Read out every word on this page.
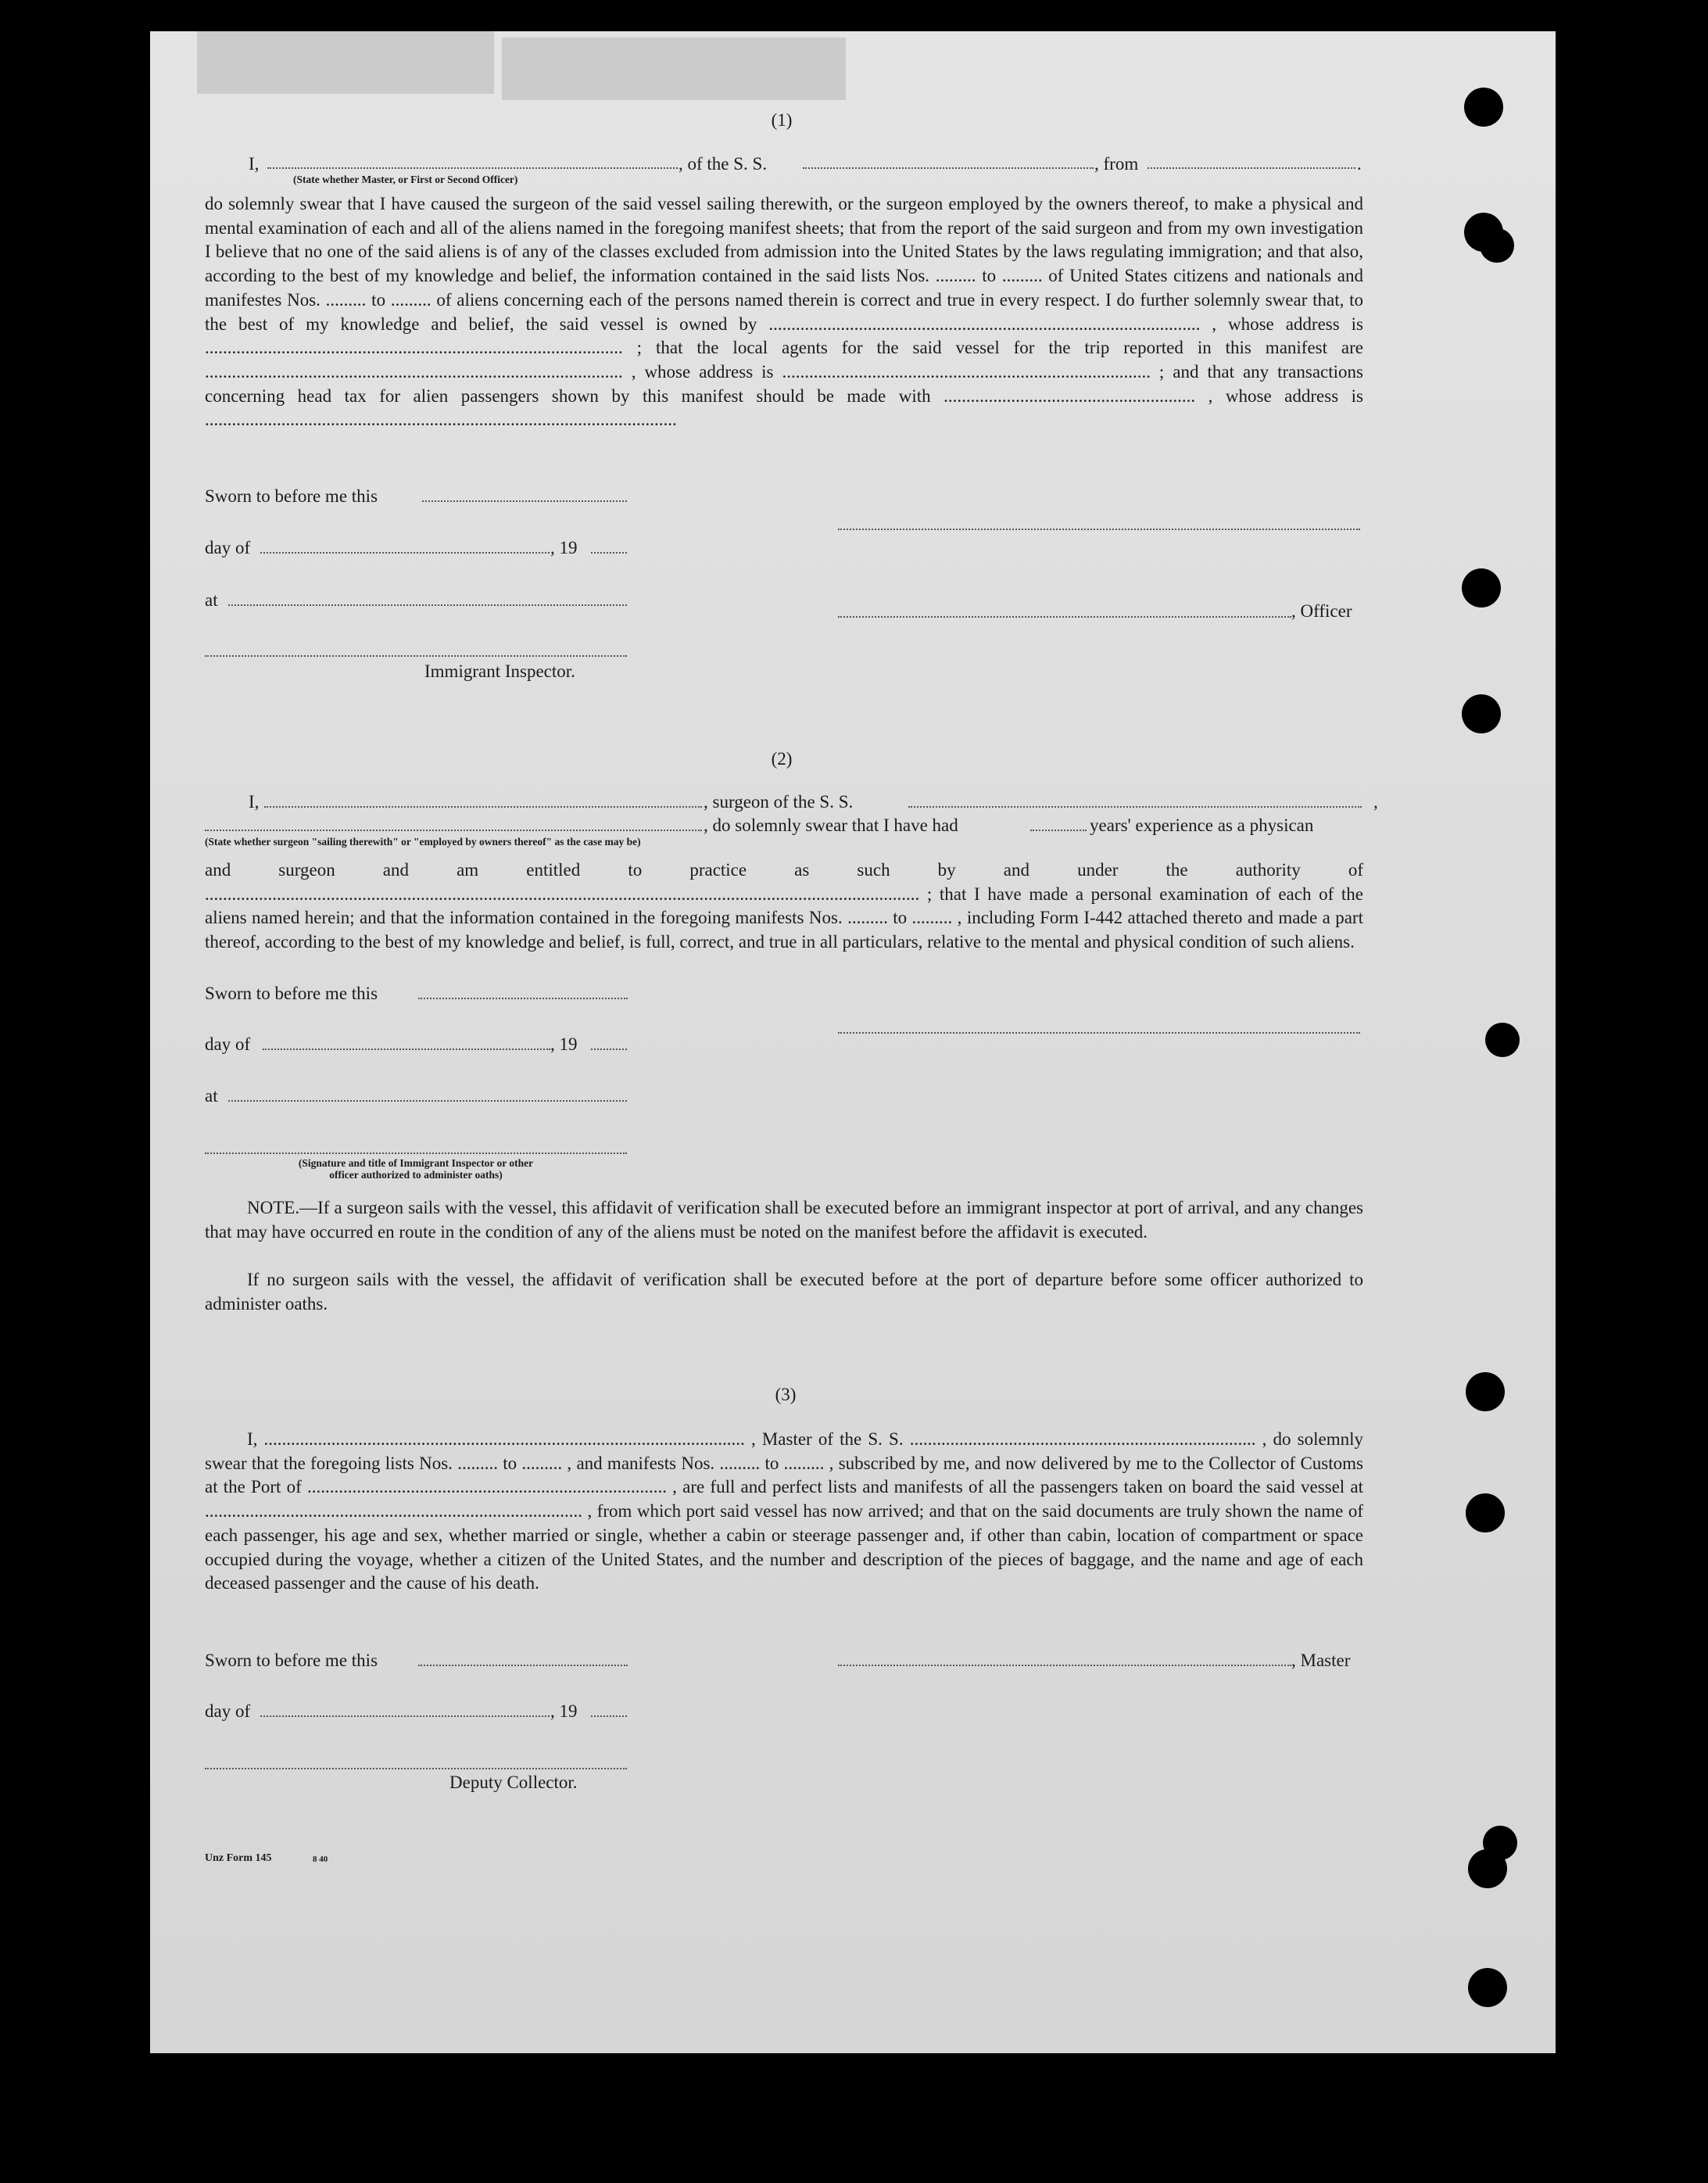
(1)
I,	, of the S. S.	, from	.
(State whether Master, or First or Second Officer)

do solemnly swear that I have caused the surgeon of the said vessel sailing therewith, or the surgeon employed by the owners thereof, to make a physical and mental examination of each and all of the aliens named in the foregoing manifest sheets; that from the report of the said surgeon and from my own investigation I believe that no one of the said aliens is of any of the classes excluded from admission into the United States by the laws regulating immigration; and that also, according to the best of my knowledge and belief, the information contained in the said lists Nos. ......... to ......... of United States citizens and nationals and manifestes Nos. ......... to ......... of aliens concerning each of the persons named therein is correct and true in every respect. I do further solemnly swear that, to the best of my knowledge and belief, the said vessel is owned by ................................................................................................ , whose address is ............................................................................................. ; that the local agents for the said vessel for the trip reported in this manifest are ............................................................................................. , whose address is .................................................................................. ; and that any transactions concerning head tax for alien passengers shown by this manifest should be made with ........................................................ , whose address is .........................................................................................................

Sworn to before me this
day of	, 19
at
, Officer
Immigrant Inspector.
(2)
I,	, surgeon of the S. S.	,
, do solemnly swear that I have had	years' experience as a physican
(State whether surgeon "sailing therewith" or "employed by owners thereof" as the case may be)
and surgeon and am entitled to practice as such by and under the authority of ............................................................................................................................................................... ; that I have made a personal examination of each of the aliens named herein; and that the information contained in the foregoing manifests Nos. ......... to ......... , including Form I-442 attached thereto and made a part thereof, according to the best of my knowledge and belief, is full, correct, and true in all particulars, relative to the mental and physical condition of such aliens.
Sworn to before me this
day of	, 19
at
(Signature and title of Immigrant Inspector or other
officer authorized to administer oaths)
NOTE.—If a surgeon sails with the vessel, this affidavit of verification shall be executed before an immigrant inspector at port of arrival, and any changes that may have occurred en route in the condition of any of the aliens must be noted on the manifest before the affidavit is executed.
If no surgeon sails with the vessel, the affidavit of verification shall be executed before at the port of departure before some officer authorized to administer oaths.
(3)
I, ........................................................................................................... , Master of the S. S. ............................................................................. , do solemnly swear that the foregoing lists Nos. ......... to ......... , and manifests Nos. ......... to ......... , subscribed by me, and now delivered by me to the Collector of Customs at the Port of ................................................................................ , are full and perfect lists and manifests of all the passengers taken on board the said vessel at .................................................................................... , from which port said vessel has now arrived; and that on the said documents are truly shown the name of each passenger, his age and sex, whether married or single, whether a cabin or steerage passenger and, if other than cabin, location of compartment or space occupied during the voyage, whether a citizen of the United States, and the number and description of the pieces of baggage, and the name and age of each deceased passenger and the cause of his death.
Sworn to before me this	, Master
day of	, 19
Deputy Collector.
Unz Form 145	8 40
